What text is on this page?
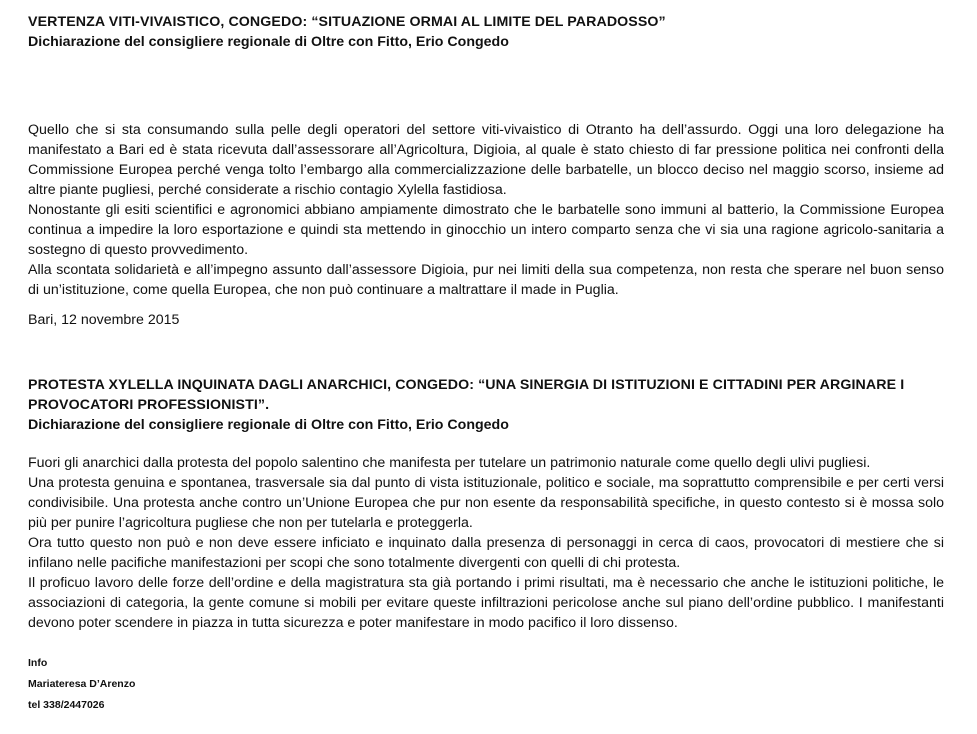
VERTENZA VITI-VIVAISTICO, CONGEDO: “SITUAZIONE ORMAI AL LIMITE DEL PARADOSSO”

Dichiarazione del consigliere regionale di Oltre con Fitto, Erio Congedo

Quello che si sta consumando sulla pelle degli operatori del settore viti-vivaistico di Otranto ha dell’assurdo. Oggi una loro delegazione ha manifestato a Bari ed è stata ricevuta dall’assessorare all’Agricoltura, Digioia, al quale è stato chiesto di far pressione politica nei confronti della Commissione Europea perché venga tolto l’embargo alla commercializzazione delle barbatelle, un blocco deciso nel maggio scorso, insieme ad altre piante pugliesi, perché considerate a rischio contagio Xylella fastidiosa.

Nonostante gli esiti scientifici e agronomici abbiano ampiamente dimostrato che le barbatelle sono immuni al batterio, la Commissione Europea continua a impedire la loro esportazione e quindi sta mettendo in ginocchio un intero comparto senza che vi sia una ragione agricolo-sanitaria a sostegno di questo provvedimento.

Alla scontata solidarietà e all’impegno assunto dall’assessore Digioia, pur nei limiti della sua competenza, non resta che sperare nel buon senso di un’istituzione, come quella Europea, che non può continuare a maltrattare il made in Puglia.

Bari, 12 novembre 2015

PROTESTA XYLELLA INQUINATA DAGLI ANARCHICI, CONGEDO: “UNA SINERGIA DI ISTITUZIONI E CITTADINI PER ARGINARE I PROVOCATORI PROFESSIONISTI”.

Dichiarazione del consigliere regionale di Oltre con Fitto, Erio Congedo

Fuori gli anarchici dalla protesta del popolo salentino che manifesta per tutelare un patrimonio naturale come quello degli ulivi pugliesi.

Una protesta genuina e spontanea, trasversale sia dal punto di vista istituzionale, politico e sociale, ma soprattutto comprensibile e per certi versi condivisibile. Una protesta anche contro un’Unione Europea che pur non esente da responsabilità specifiche, in questo contesto si è mossa solo più per punire l’agricoltura pugliese che non per tutelarla e proteggerla.

Ora tutto questo non può e non deve essere inficiato e inquinato dalla presenza di personaggi in cerca di caos, provocatori di mestiere che si infilano nelle pacifiche manifestazioni per scopi che sono totalmente divergenti con quelli di chi protesta.

Il proficuo lavoro delle forze dell’ordine e della magistratura sta già portando i primi risultati, ma è necessario che anche le istituzioni politiche, le associazioni di categoria, la gente comune si mobili per evitare queste infiltrazioni pericolose anche sul piano dell’ordine pubblico. I manifestanti devono poter scendere in piazza in tutta sicurezza e poter manifestare in modo pacifico il loro dissenso.

Info

Mariateresa D’Arenzo

tel 338/2447026
